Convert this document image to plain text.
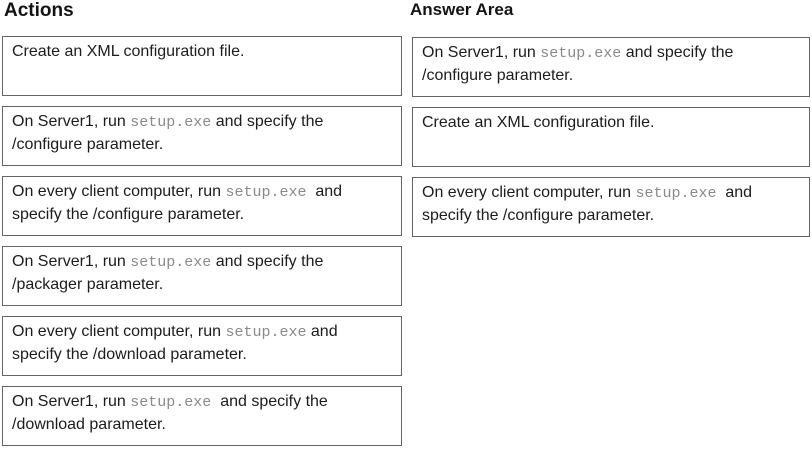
Actions	Answer Area
Create an XML configuration file.
On Server1, run setup.exe and specify the
/configure parameter.
On every client computer, run setup.exe  and
specify the /configure parameter.
On Server1, run setup.exe and specify the
/packager parameter.
On every client computer, run setup.exe and
specify the /download parameter.
On Server1, run setup.exe  and specify the
/download parameter.
On Server1, run setup.exe and specify the
/configure parameter.
Create an XML configuration file.
On every client computer, run setup.exe  and
specify the /configure parameter.
